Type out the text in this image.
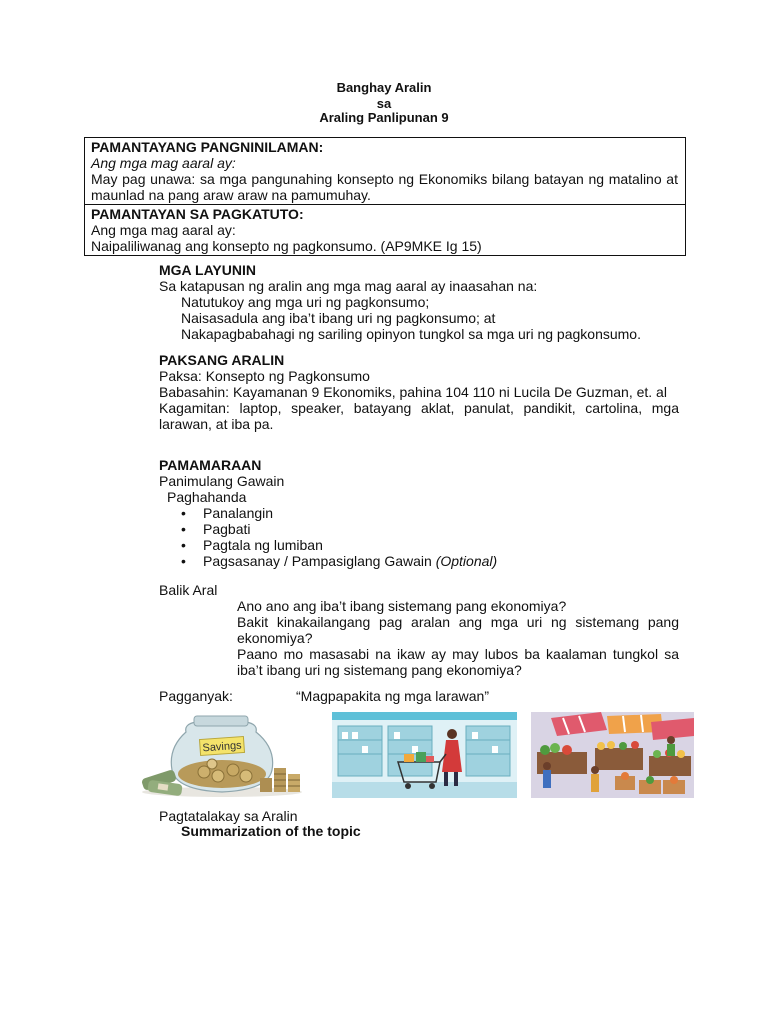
Banghay Aralin
sa
Araling Panlipunan 9
PAMANTAYANG PANGNINILAMAN:
Ang mga mag aaral ay:
May pag unawa: sa mga pangunahing konsepto ng Ekonomiks bilang batayan ng matalino at maunlad na pang araw araw na pamumuhay.
PAMANTAYAN SA PAGKATUTO:
Ang mga mag aaral ay:
Naipaliliwanag ang konsepto ng pagkonsumo. (AP9MKE Ig 15)
MGA LAYUNIN
Sa katapusan ng aralin ang mga mag aaral ay inaasahan na:
Natutukoy ang mga uri ng pagkonsumo;
Naisasadula ang iba’t ibang uri ng pagkonsumo; at
Nakapagbabahagi ng sariling opinyon tungkol sa mga uri ng pagkonsumo.
PAKSANG ARALIN
Paksa: Konsepto ng Pagkonsumo
Babasahin: Kayamanan 9 Ekonomiks, pahina 104 110 ni Lucila De Guzman, et. al
Kagamitan: laptop, speaker, batayang aklat, panulat, pandikit, cartolina, mga larawan, at iba pa.
PAMAMARAAN
Panimulang Gawain
Paghahanda
• Panalangin
• Pagbati
• Pagtala ng lumiban
• Pagsasanay / Pampasiglang Gawain (Optional)
Balik Aral
Ano ano ang iba’t ibang sistemang pang ekonomiya?
Bakit kinakailangang pag aralan ang mga uri ng sistemang pang ekonomiya?
Paano mo masasabi na ikaw ay may lubos ba kaalaman tungkol sa iba’t ibang uri ng sistemang pang ekonomiya?
Pagganyak:	“Magpapakita ng mga larawan”
Savings
Pagtatalakay sa Aralin
Summarization of the topic
